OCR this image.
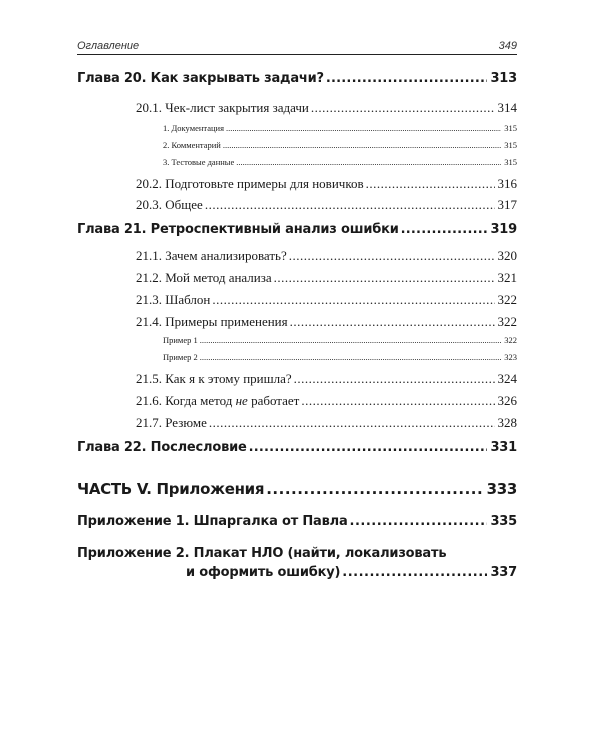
Оглавление	349
Глава 20. Как закрывать задачи? .....	313
20.1. Чек-лист закрытия задачи .....	314
1. Документация .....	315
2. Комментарий .....	315
3. Тестовые данные .....	315
20.2. Подготовьте примеры для новичков .....	316
20.3. Общее .....	317
Глава 21. Ретроспективный анализ ошибки .....	319
21.1. Зачем анализировать? .....	320
21.2. Мой метод анализа .....	321
21.3. Шаблон .....	322
21.4. Примеры применения .....	322
Пример 1 .....	322
Пример 2 .....	323
21.5. Как я к этому пришла? .....	324
21.6. Когда метод не работает .....	326
21.7. Резюме .....	328
Глава 22. Послесловие .....	331
ЧАСТЬ V. Приложения .....	333
Приложение 1. Шпаргалка от Павла .....	335
Приложение 2. Плакат НЛО (найти, локализовать
и оформить ошибку) .....	337
